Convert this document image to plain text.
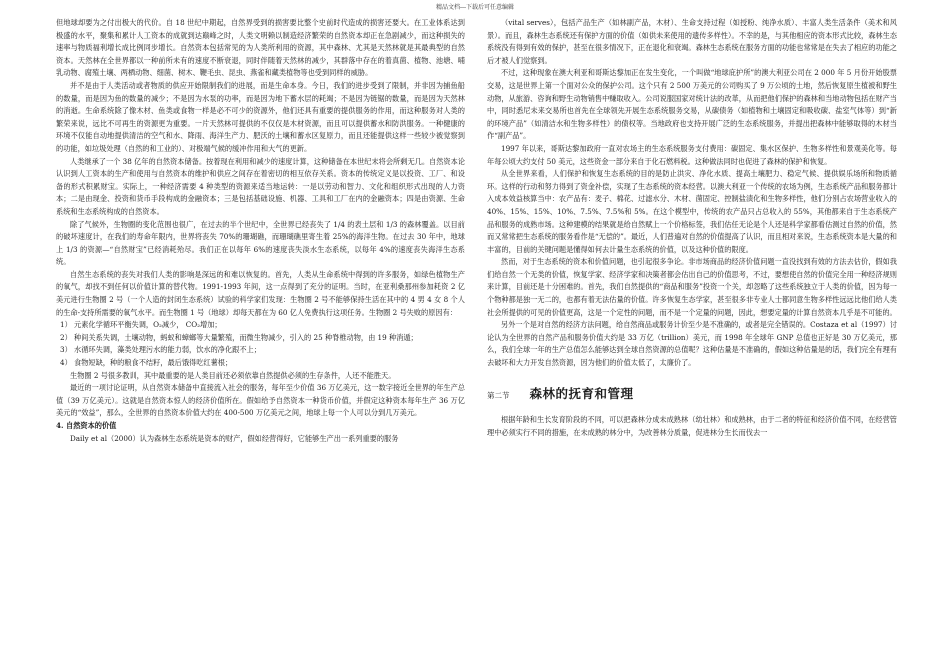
精品文档---下载后可任意编辑

但地球却要为之付出极大的代价。自 18 世纪中期起，自然界受到的损害要比整个史前时代造成的损害还要大。在工业体系达到极盛的水平，聚集和累计人工资本的成就到达巅峰之时，人类文明赖以制造经济繁荣的自然资本却正在急剧减少，而这种损失的速率与物质福利增长成比例同步增长。自然资本包括常见的为人类所利用的资源，其中森林、尤其是天然林就是其最典型的自然资本。天然林在全世界都以一种前所未有的速度不断衰退，同时伴随着天然林的减少，其群落中存在的着真菌、植物、池塘、哺乳动物、腐殖土壤、两栖动物、细菌、树木、鞭毛虫、昆虫、燕雀和藏类植物等也受到同样的威胁。

并不是由于人类活动或者物质的供应开始限制我们的进展，而是生命本身。今日，我们的进步受到了限制，并非因为捕鱼船的数量，而是因为鱼的数量的减少；不是因为水泵的功率，而是因为地下蓄水层的耗竭；不是因为链锯的数量，而是因为天然林的消逝。生命系统除了像木材、鱼类或食物一样是必不可少的资源外，他们还具有重要的提供服务的作用，而这种服务对人类的繁荣来说，远比不可再生的资源更为重要。一片天然林可提供的不仅仅是木材资源，而且可以提供蓄水和防洪服务。一种健康的环境不仅能自动地提供清洁的空气和水、降雨、海洋生产力、肥沃的土壤和蓄水区复原力，而且还能提供这样一些较少被觉察到的功能，如垃圾处理（自然的和工业的）、对极端气候的缓冲作用和大气的更新。

人类继承了一个 38 亿年的自然资本储备。按着现在利用和减少的速度计算，这种储备在本世纪末将会所剩无几。自然资本论认识到人工资本的生产和使用与自然资本的维护和供应之间存在着密切的相互依存关系。资本的传统定义是以投资、工厂、和设备的形式积累财宝。实际上，一种经济需要 4 种类型的资源来适当地运转：一是以劳动和智力、文化和组织形式出现的人力资本；二是由现金、投资和货币手段构成的金融资本；三是包括基础设施、机器、工具和工厂在内的金融资本；四是由资源、生命系统和生态系统构成的自然资本。

除了气候外，生物圈的变化范围也很广，在过去的半个世纪中，全世界已经丧失了 1/4 的表土层和 1/3 的森林覆盖。以目前的破坏速度计，在我们的寿命年限内，世界将丧失 70%的珊瑚礁，而珊瑚礁里寄生着 25%的海洋生物。在过去 30 年中，地球上 1/3 的资源—“自然财宝”已经消耗殆尽。我们正在以每年 6%的速度丧失淡水生态系统，以每年 4%的速度丧失海洋生态系统。

自然生态系统的丧失对我们人类的影响是深远的和难以恢复的。首先，人类从生命系统中得到的许多服务，如绿色植物生产的氧气，却找不到任何以价值计算的替代物。1991-1993 年间，这一点得到了充分的证明。当时，在亚利桑那州参加耗资 2 亿美元进行生物圈 2 号（一个人造的封闭生态系统）试验的科学家们发现：生物圈 2 号不能够保持生活在其中的 4 男 4 女 8 个人的生命-支持所需要的氧气水平。而生物圈 1 号（地球）却每天都在为 60 亿人免费执行这项任务。生物圈 2 号失败的原因有：

1） 元素化学循环平衡失调，O₂减少， CO₂增加；

2） 种间关系失调，土壤动物，蚂蚁和蟑螂等大量繁殖，而微生物减少，引入的 25 种脊椎动物，由 19 种消遁；

3） 水循环失调，藻类处理污水的能力弱，饮水的净化跟不上；

4） 食物短缺，种的粮食不结籽，最后饿得吃红薯根；

生物圈 2 号很多教训，其中最重要的是人类目前还必须依靠自然提供必须的生存条件，人还不能胜天。

最近的一项讨论证明，从自然资本储备中直接流入社会的服务，每年至少价值 36 万亿美元，这一数字接近全世界的年生产总值（39 万亿美元）。这就是自然资本惊人的经济价值所在。假如给予自然资本一种货币价值，并假定这种资本每年生产 36 万亿美元的“效益”，那么，全世界的自然资本价值大约在 400-500 万亿美元之间，地球上每一个人可以分到几万美元。

4. 自然资本的价值

Daily et al（2000）认为森林生态系统是资本的财产，假如经营得好，它能够生产出一系列重要的服务

（vital serves），包括产品生产（如林副产品，木材）、生命支持过程（如授粉、纯净水质）、丰富人类生活条件（美术和风景）。而且，森林生态系统还有保护方面的价值（如供未来使用的遗传多样性）。不幸的是，与其他相应的资本形式比较，森林生态系统没有得到有效的保护，甚至在很多情况下，正在退化和衰竭。森林生态系统在服务方面的功能也常常是在失去了相应的功能之后才被人们觉察到。

不过，这种现象在澳大利亚和哥斯达黎加正在发生变化，一个叫做“地球庇护所”的澳大利亚公司在 2 000 年 5 月份开始股票交易，这是世界上第一个面对公众的保护公司。这个只有 2 500 万美元的公司购买了 9 万公顷的土地，然后恢复原生植被和野生动物，从旅游、咨询和野生动物销售中赚取收入。公司说服国家对统计法的改革，从而把他们保护的森林和当地动物包括在财产当中，同时悉尼未来交易所也首先在全球领先开展生态系统服务交易，从碳债务（如植物和土壤固定和吸收碳、盐室气体等）到“新的环境产品”（如清洁水和生物多样性）的债权等。当地政府也支持开展广泛的生态系统服务，并提出把森林中能够取得的木材当作“副产品”。

1997 年以来，哥斯达黎加政府一直对农场主的生态系统服务支付费用：碳固定、集水区保护、生物多样性和景观美化等。每年每公顷大约支付 50 美元，这些资金一部分来自于化石燃料税。这种做法同时也促进了森林的保护和恢复。

从全世界来看，人们保护和恢复生态系统的目的是防止洪灾、净化水质、提高土壤肥力、稳定气候、提供娱乐场所和物质循环。这样的行动和努力得到了资金补偿，实现了生态系统的资本经营。以澳大利亚一个传统的农场为例，生态系统产品和服务都计入成本效益核算当中：农产品有：麦子、棉花、过滤水分、木材、菌固定、控制盐渍化和生物多样性，他们分别占农场营业收入的 40%、15%、15%、10%、7.5%、7.5%和 5%。在这个模型中，传统的农产品只占总收入的 55%，其他都来自于生态系统产品和服务的成熟市场。这种建模的结果就是给自然赋上一个价格标签，我们估任无论是个人还是科学家都看估测过自然的价值，然而又常常把生态系统的服务看作是“无偿的”。最近，人们普遍对自然的价值提高了认识，而且相对来说，生态系统资本是大量的和丰富的，目前的关键问题是懂得如何去计量生态系统的价值，以及这种价值的限度。

然而，对于生态系统的资本和价值问题，也引起很多争论。非市场商品的经济价值问题一直没找到有效的方法去估价，假如我们给自然一个无类的价值，恢复学家、经济学家和决策者都会估出自己的价值思考，不过，要想使自然的价值完全用一种经济规则来计算，目前还是十分困难的。首先，我们自然提供的“商品和服务”投资一个关，却忽略了这些系统独立于人类的价值，因为每一个物种都是独一无二的，也都有着无法估量的价值。许多恢复生态学家，甚至很多非专业人士都同意生物多样性远远比他们给人类社会所提供的可见的价值更高，这是一个定性的问题，而不是一个定量的问题，因此，想要定量的计算自然资本几乎是不可能的。

另外一个是对自然的经济方法问题，给自然商品或服务计价至少是不准确的，或者是完全错误的。Costaza et al（1997）讨论认为全世界的自然产品和服务价值大约是 33 万亿（trillion）美元，而 1998 年全球年 GNP 总值也正好是 30 万亿美元，那么，我们全球一年的生产总值怎么能够达到全球自然资源的总值呢？这种估量是不准确的，假如这种估量是的话，我们完全有理有去破坏和大力开发自然资源，因为他们的价值太低了，太廉价了。

第二节 森林的抚育和管理

根据年龄和生长发育阶段的不同，可以把森林分成未成熟林（幼壮林）和成熟林，由于二者的特征和经济价值不同，在经营管理中必须实行不同的措施，在未成熟的林分中，为改善林分质量，促进林分生长而伐去一
